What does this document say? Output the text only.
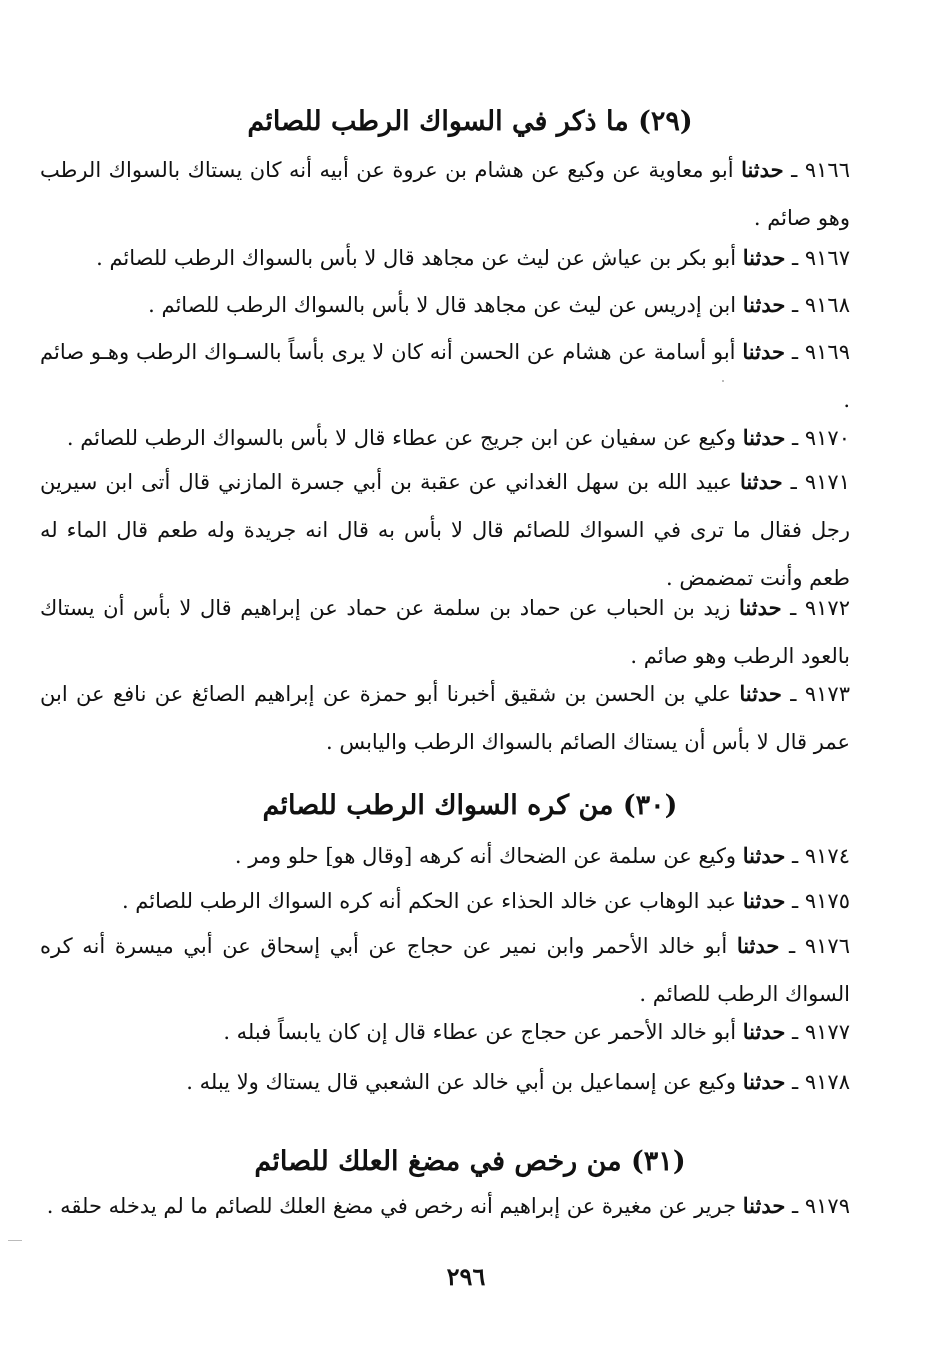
(٢٩) ما ذكر في السواك الرطب للصائم
٩١٦٦ ـ حدثنا أبو معاوية عن وكيع عن هشام بن عروة عن أبيه أنه كان يستاك بالسواك الرطب وهو صائم .
٩١٦٧ ـ حدثنا أبو بكر بن عياش عن ليث عن مجاهد قال لا بأس بالسواك الرطب للصائم .
٩١٦٨ ـ حدثنا ابن إدريس عن ليث عن مجاهد قال لا بأس بالسواك الرطب للصائم .
٩١٦٩ ـ حدثنا أبو أسامة عن هشام عن الحسن أنه كان لا يرى بأساً بالسـواك الرطب وهـو صائم .
٩١٧٠ ـ حدثنا وكيع عن سفيان عن ابن جريج عن عطاء قال لا بأس بالسواك الرطب للصائم .
٩١٧١ ـ حدثنا عبيد الله بن سهل الغداني عن عقبة بن أبي جسرة المازني قال أتى ابن سيرين رجل فقال ما ترى في السواك للصائم قال لا بأس به قال انه جريدة وله طعم قال الماء له طعم وأنت تمضمض .
٩١٧٢ ـ حدثنا زيد بن الحباب عن حماد بن سلمة عن حماد عن إبراهيم قال لا بأس أن يستاك بالعود الرطب وهو صائم .
٩١٧٣ ـ حدثنا علي بن الحسن بن شقيق أخبرنا أبو حمزة عن إبراهيم الصائغ عن نافع عن ابن عمر قال لا بأس أن يستاك الصائم بالسواك الرطب واليابس .
(٣٠) من كره السواك الرطب للصائم
٩١٧٤ ـ حدثنا وكيع عن سلمة عن الضحاك أنه كرهه [وقال هو] حلو ومر .
٩١٧٥ ـ حدثنا عبد الوهاب عن خالد الحذاء عن الحكم أنه كره السواك الرطب للصائم .
٩١٧٦ ـ حدثنا أبو خالد الأحمر وابن نمير عن حجاج عن أبي إسحاق عن أبي ميسرة أنه كره السواك الرطب للصائم .
٩١٧٧ ـ حدثنا أبو خالد الأحمر عن حجاج عن عطاء قال إن كان يابساً فبله .
٩١٧٨ ـ حدثنا وكيع عن إسماعيل بن أبي خالد عن الشعبي قال يستاك ولا يبله .
(٣١) من رخص في مضغ العلك للصائم
٩١٧٩ ـ حدثنا جرير عن مغيرة عن إبراهيم أنه رخص في مضغ العلك للصائم ما لم يدخله حلقه .
٢٩٦
